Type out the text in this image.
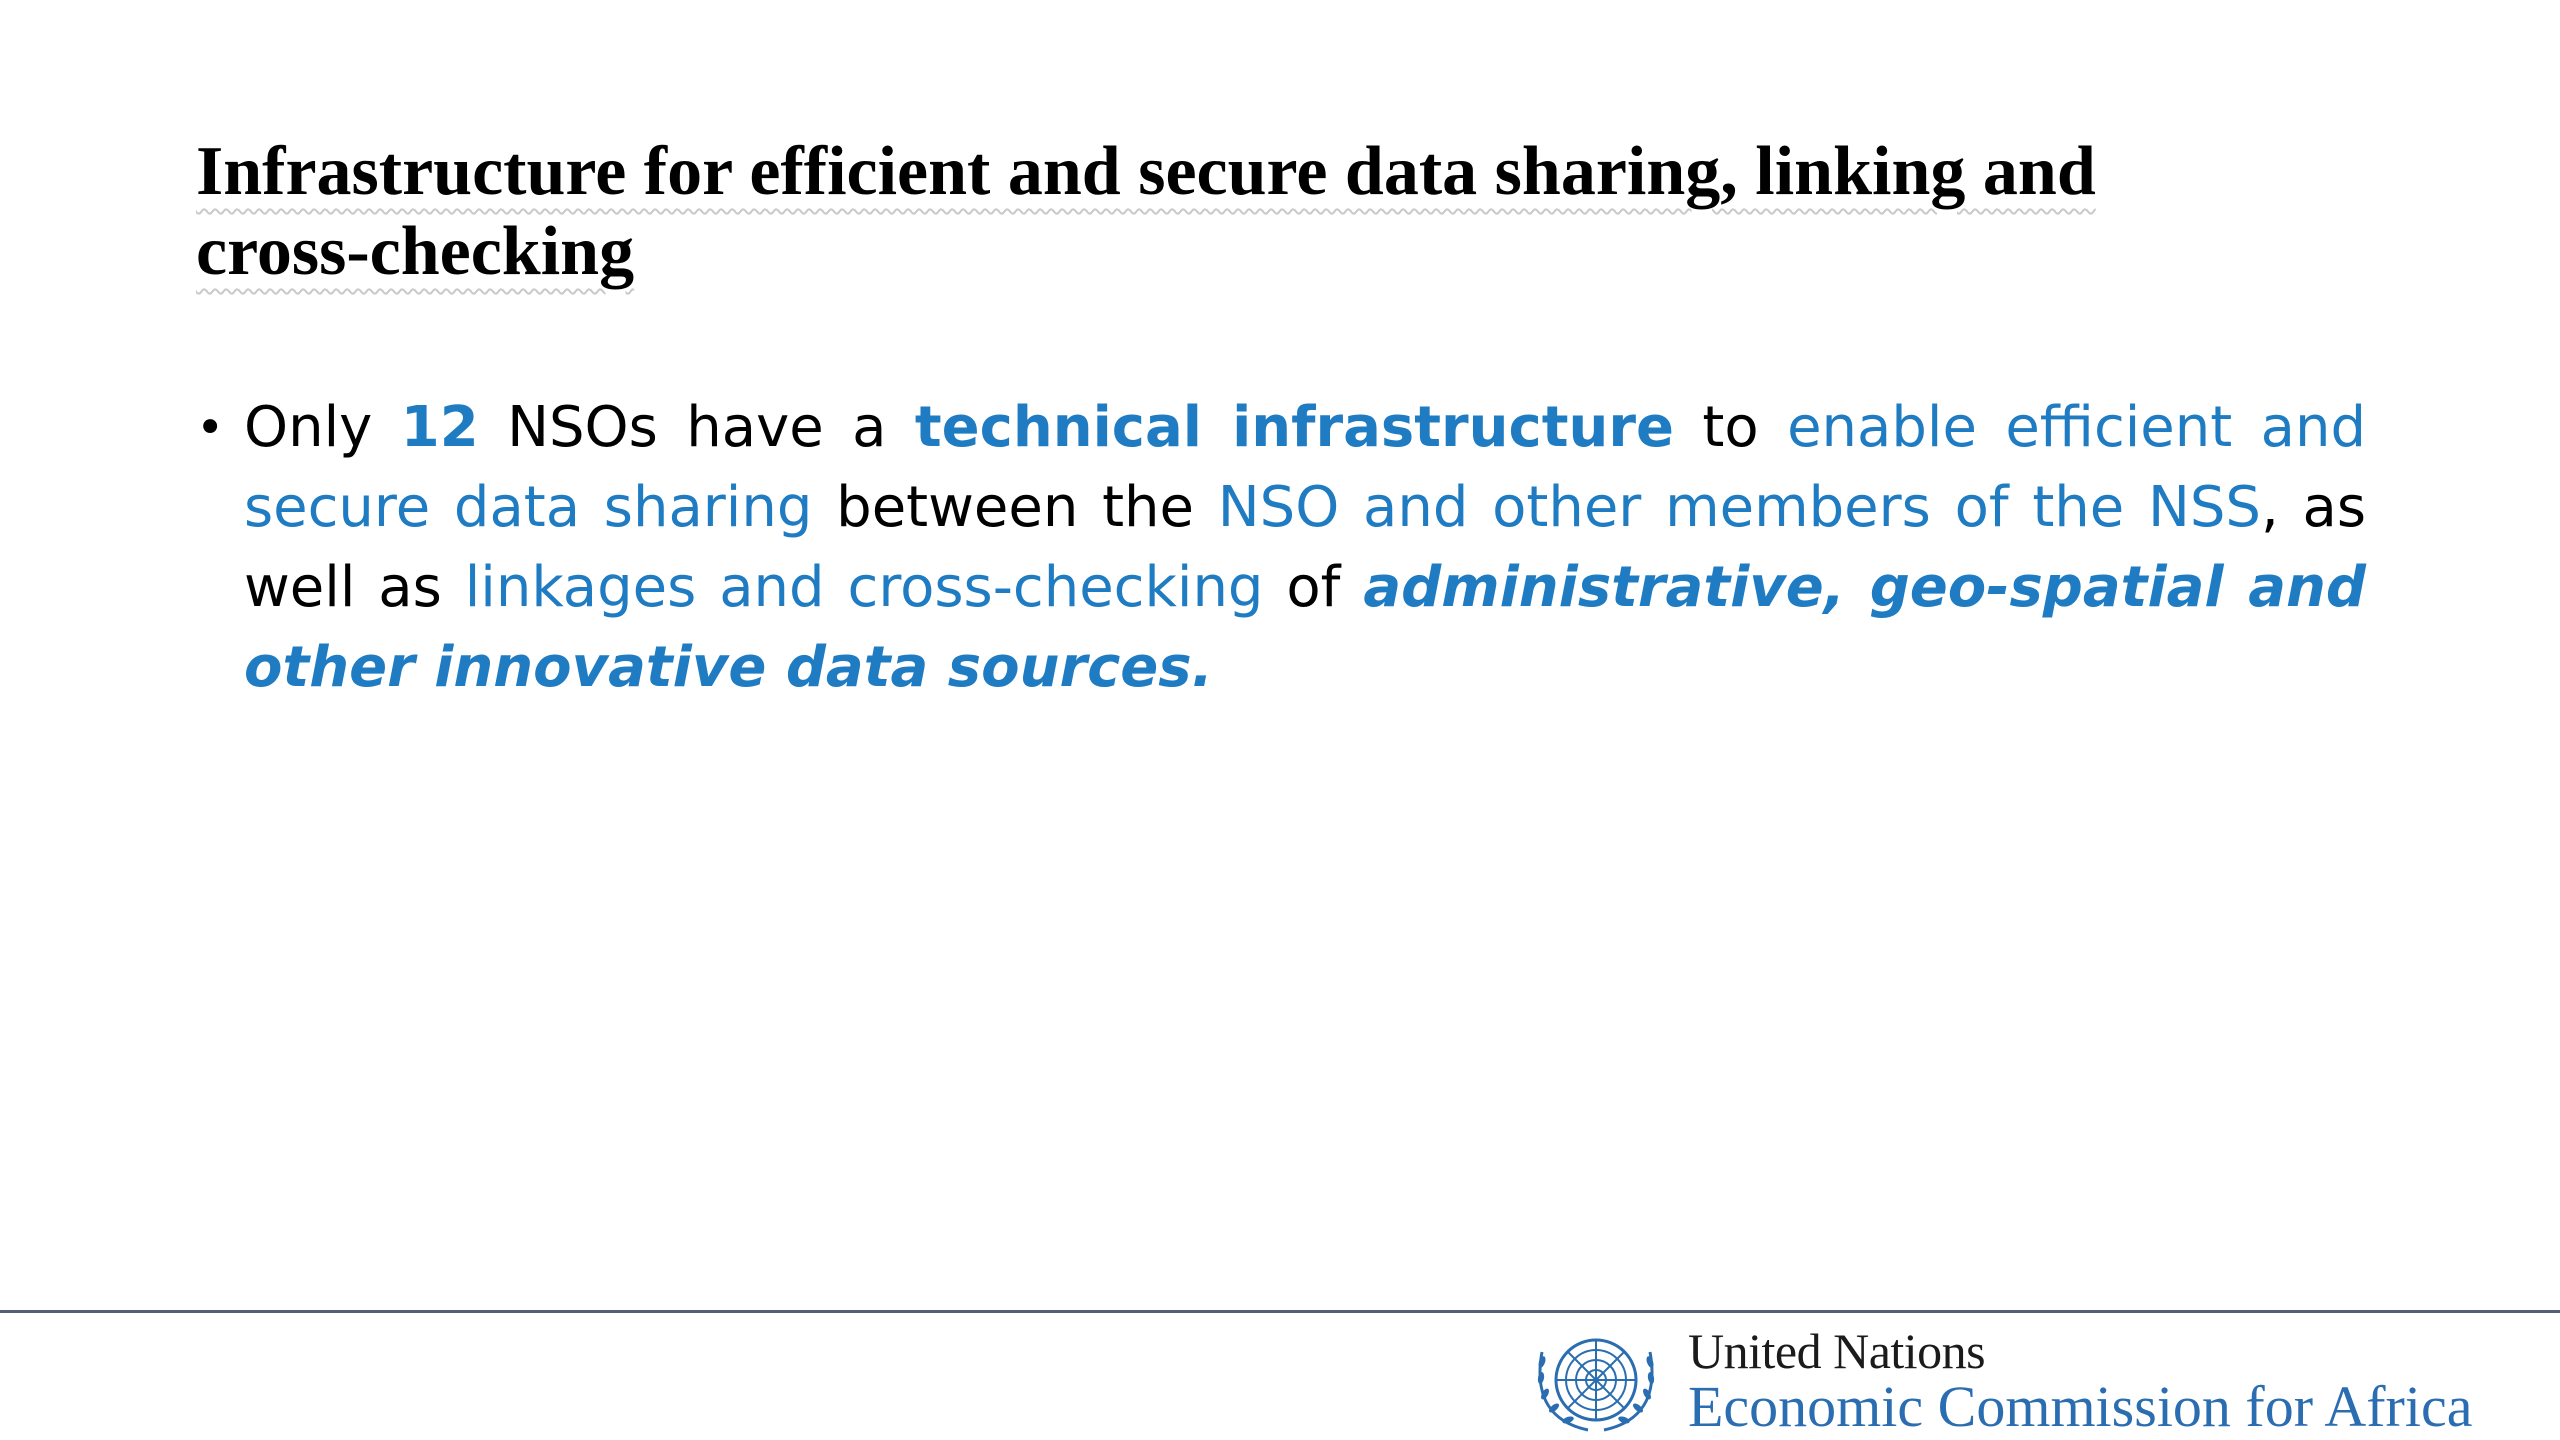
Infrastructure for efficient and secure data sharing, linking and
cross-checking
• Only 12 NSOs have a technical infrastructure to enable efficient and secure data sharing between the NSO and other members of the NSS, as well as linkages and cross-checking of administrative, geo-spatial and other innovative data sources.

United Nations
Economic Commission for Africa
